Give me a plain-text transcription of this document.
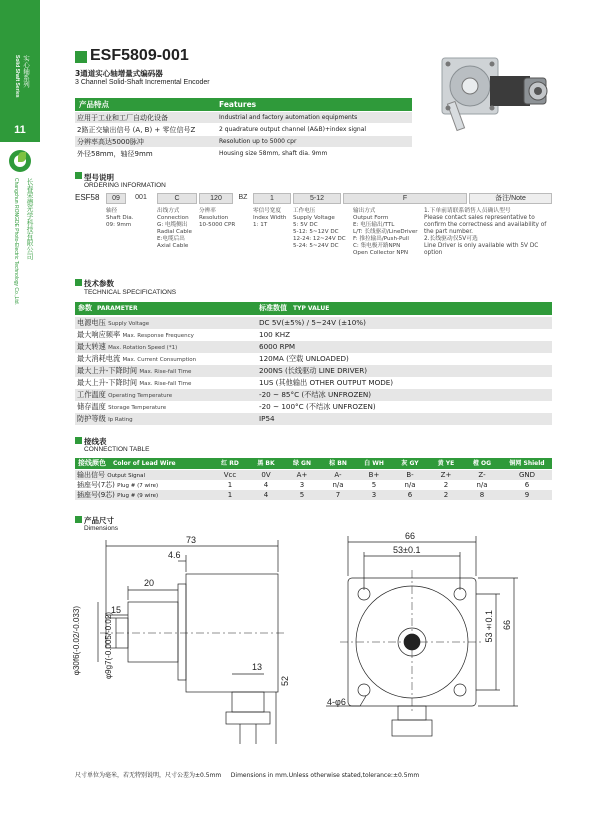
实心轴系列
Solid Shaft Series
11
长春荣德光学科技有限公司
Changchun RONGDE Photo-Electric Technology Co.,Ltd.
ESF5809-001
3通道实心轴增量式编码器
3 Channel Solid-Shaft Incremental Encoder
产品特点	Features
应用于工业和工厂自动化设备	Industrial and factory automation equipments
2路正交输出信号 (A, B) + 零位信号Z	2 quadrature output channel (A&B)+index signal
分辨率高达5000脉冲	Resolution up to 5000 cpr
外径58mm，轴径9mm	Housing size 58mm, shaft dia. 9mm
型号说明
ORDERING INFORMATION
ESF58	09	001	C	120	BZ	1	5-12	F	备注/Note
轴径
Shaft Dia.
09: 9mm
出线方式
Connection
G: 电缆侧出
Radial Cable
E:电缆后出
Axial Cable
分辨率
Resolution
10-5000 CPR
零信号宽度
Index Width
1: 1T
工作电压
Supply Voltage
5: 5V DC
5-12: 5~12V DC
12-24: 12~24V DC
5-24: 5~24V DC
输出方式
Output Form
E: 电压输出/TTL
L/T: 长线驱动/LineDriver
F: 推拉输出/Push-Pull
C: 集电极开路NPN
Open Collector NPN
1.下单前请联系销售人员确认型号
Please contact sales representative to
confirm the correctness and availability of
the part number.
2.长线驱动仅5V可选
Line Driver is only available with 5V DC
option
技术参数
TECHNICAL SPECIFICATIONS
参数 PARAMETER	标准数值 TYP VALUE
电源电压 Supply Voltage	DC 5V(±5%) / 5~24V (±10%)
最大响应频率 Max. Response Frequency	100 KHZ
最大转速 Max. Rotation Speed (*1)	6000 RPM
最大消耗电流 Max. Current Consumption	120MA (空载 UNLOADED)
最大上升-下降时间 Max. Rise-fall Time	200NS (长线驱动 LINE DRIVER)
最大上升-下降时间 Max. Rise-fall Time	1US (其他输出 OTHER OUTPUT MODE)
工作温度 Operating Temperature	-20 ~ 85°C (不结冰 UNFROZEN)
储存温度 Storage Temperature	-20 ~ 100°C (不结冰 UNFROZEN)
防护等级 Ip Rating	IP54
接线表
CONNECTION TABLE
接线颜色 Color of Lead Wire	红 RD	黑 BK	绿 GN	棕 BN	白 WH	灰 GY	黄 YE	橙 OG	铜网 Shield
输出信号 Output Signal	Vcc	0V	A+	A-	B+	B-	Z+	Z-	GND
插座号(7芯) Plug # (7 wire)	1	4	3	n/a	5	n/a	2	n/a	6
插座号(9芯) Plug # (9 wire)	1	4	5	7	3	6	2	8	9
产品尺寸
Dimensions
73
4.6
20
15
13
52
φ30f6(-0.02/-0.033)	φ9g7(-0.005/-0.02)
66
53±0.1
53±0.1 66
4-φ6
尺寸单位为毫米，若无特别说明，尺寸公差为±0.5mm     Dimensions in mm.Unless otherwise stated,tolerance:±0.5mm
